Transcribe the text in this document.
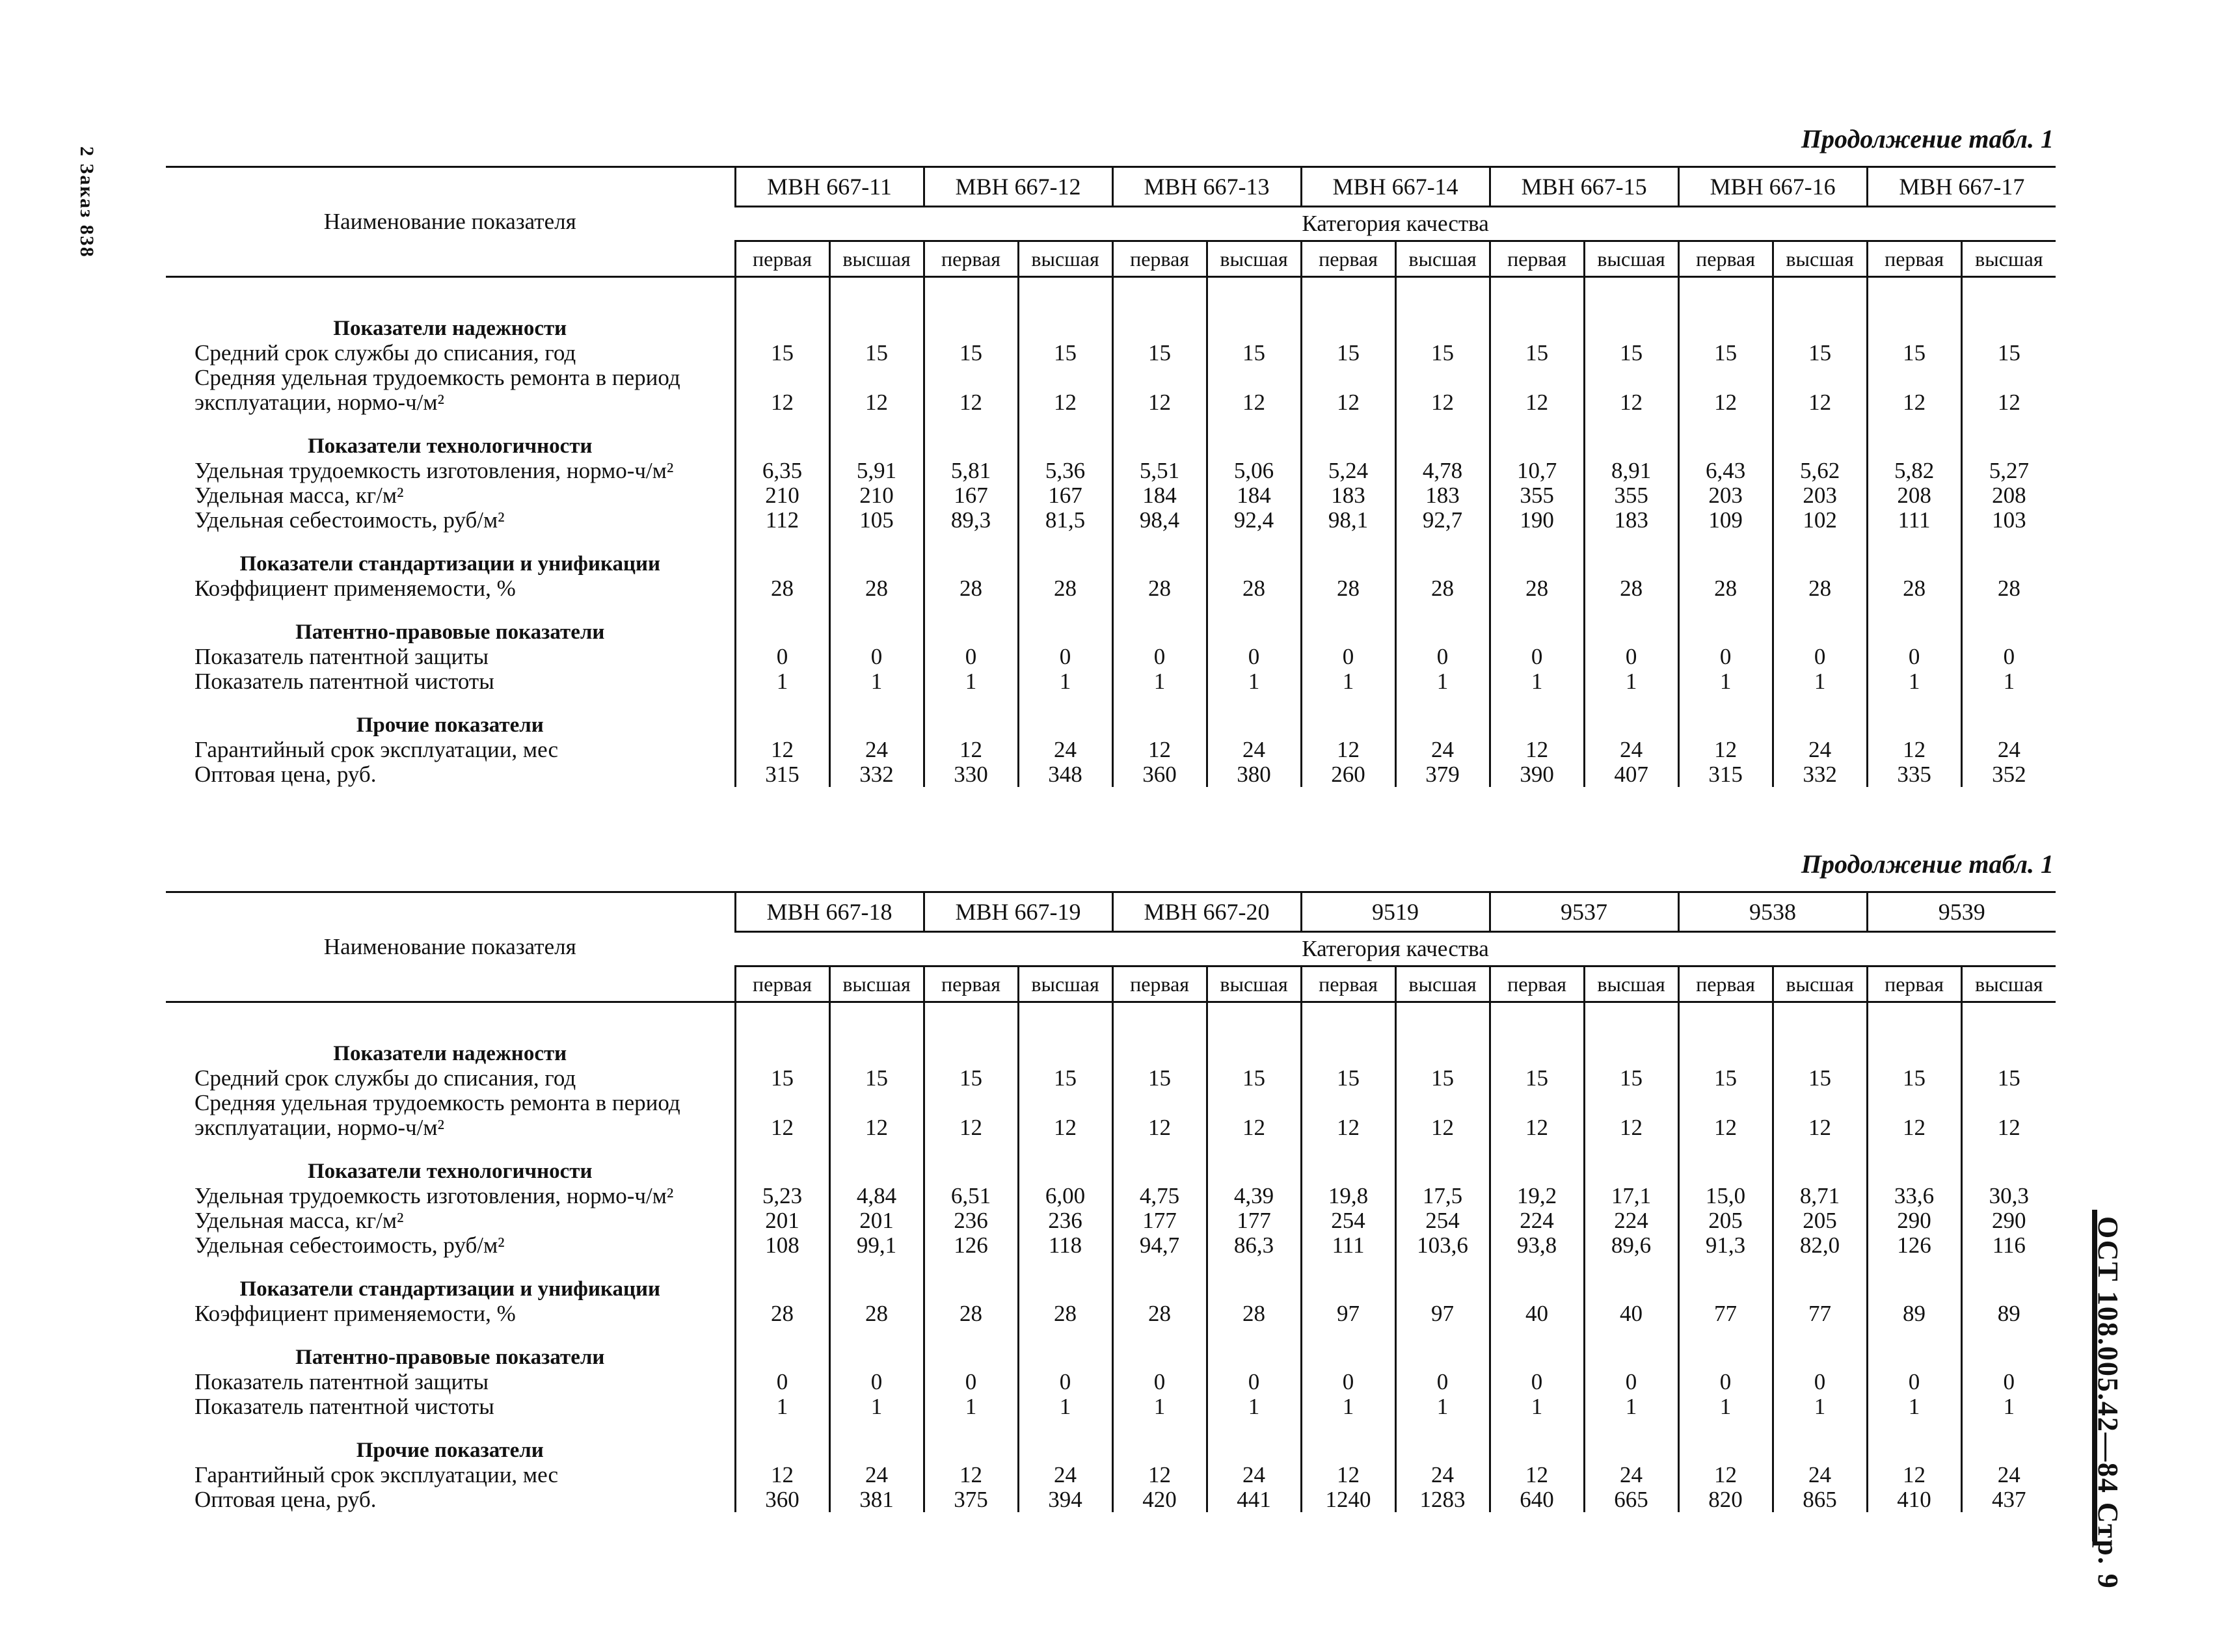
2 Заказ 838
ОСТ 108.005.42—84 Стр. 9
Продолжение табл. 1
Наименование показателя	МВН 667-11		МВН 667-12		МВН 667-13		МВН 667-14		МВН 667-15		МВН 667-16		МВН 667-17	
	Категория качества													
	первая	высшая	первая	высшая	первая	высшая	первая	высшая	первая	высшая	первая	высшая	первая	высшая

Показатели надежности														
Средний срок службы до списания, год	15	15	15	15	15	15	15	15	15	15	15	15	15	15
Средняя удельная трудоемкость ремонта в период эксплуатации, нормо-ч/м²	12	12	12	12	12	12	12	12	12	12	12	12	12	12
Показатели технологичности														
Удельная трудоемкость изготовления, нормо-ч/м²	6,35	5,91	5,81	5,36	5,51	5,06	5,24	4,78	10,7	8,91	6,43	5,62	5,82	5,27
Удельная масса, кг/м²	210	210	167	167	184	184	183	183	355	355	203	203	208	208
Удельная себестоимость, руб/м²	112	105	89,3	81,5	98,4	92,4	98,1	92,7	190	183	109	102	111	103
Показатели стандартизации и унификации														
Коэффициент применяемости, %	28	28	28	28	28	28	28	28	28	28	28	28	28	28
Патентно-правовые показатели														
Показатель патентной защиты	0	0	0	0	0	0	0	0	0	0	0	0	0	0
Показатель патентной чистоты	1	1	1	1	1	1	1	1	1	1	1	1	1	1
Прочие показатели														
Гарантийный срок эксплуатации, мес	12	24	12	24	12	24	12	24	12	24	12	24	12	24
Оптовая цена, руб.	315	332	330	348	360	380	260	379	390	407	315	332	335	352
Продолжение табл. 1
Наименование показателя	МВН 667-18		МВН 667-19		МВН 667-20		9519		9537		9538		9539	
	Категория качества													
	первая	высшая	первая	высшая	первая	высшая	первая	высшая	первая	высшая	первая	высшая	первая	высшая

Показатели надежности														
Средний срок службы до списания, год	15	15	15	15	15	15	15	15	15	15	15	15	15	15
Средняя удельная трудоемкость ремонта в период эксплуатации, нормо-ч/м²	12	12	12	12	12	12	12	12	12	12	12	12	12	12
Показатели технологичности														
Удельная трудоемкость изготовления, нормо-ч/м²	5,23	4,84	6,51	6,00	4,75	4,39	19,8	17,5	19,2	17,1	15,0	8,71	33,6	30,3
Удельная масса, кг/м²	201	201	236	236	177	177	254	254	224	224	205	205	290	290
Удельная себестоимость, руб/м²	108	99,1	126	118	94,7	86,3	111	103,6	93,8	89,6	91,3	82,0	126	116
Показатели стандартизации и унификации														
Коэффициент применяемости, %	28	28	28	28	28	28	97	97	40	40	77	77	89	89
Патентно-правовые показатели														
Показатель патентной защиты	0	0	0	0	0	0	0	0	0	0	0	0	0	0
Показатель патентной чистоты	1	1	1	1	1	1	1	1	1	1	1	1	1	1
Прочие показатели														
Гарантийный срок эксплуатации, мес	12	24	12	24	12	24	12	24	12	24	12	24	12	24
Оптовая цена, руб.	360	381	375	394	420	441	1240	1283	640	665	820	865	410	437
